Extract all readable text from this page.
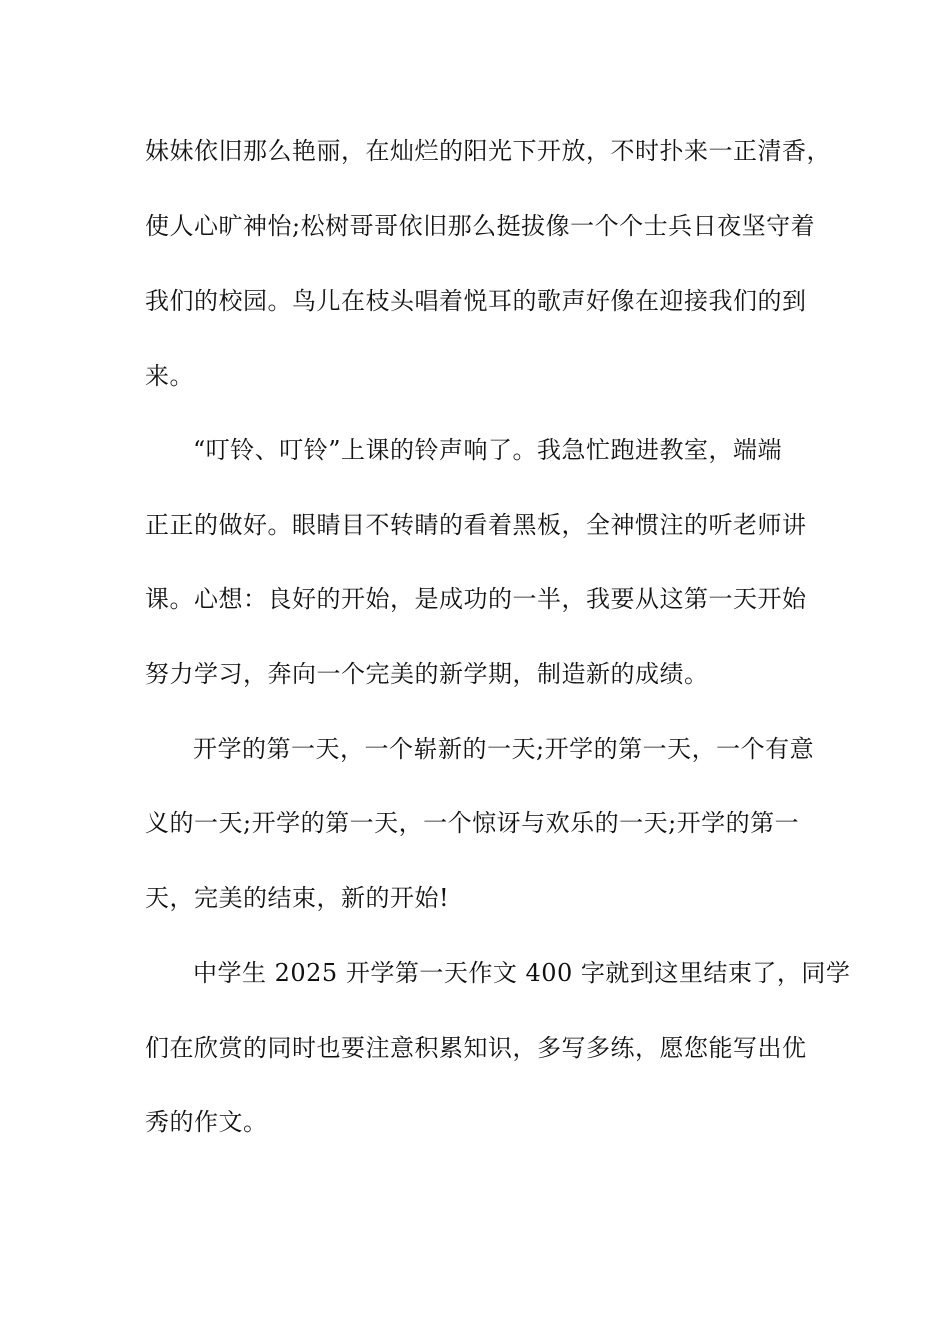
妹妹依旧那么艳丽，在灿烂的阳光下开放，不时扑来一正清香，

使人心旷神怡;松树哥哥依旧那么挺拔像一个个士兵日夜坚守着

我们的校园。鸟儿在枝头唱着悦耳的歌声好像在迎接我们的到

来。

“叮铃、叮铃”上课的铃声响了。我急忙跑进教室，端端

正正的做好。眼睛目不转睛的看着黑板，全神惯注的听老师讲

课。心想：良好的开始，是成功的一半，我要从这第一天开始

努力学习，奔向一个完美的新学期，制造新的成绩。

开学的第一天，一个崭新的一天;开学的第一天，一个有意

义的一天;开学的第一天，一个惊讶与欢乐的一天;开学的第一

天，完美的结束，新的开始!

中学生 2025 开学第一天作文 400 字就到这里结束了，同学

们在欣赏的同时也要注意积累知识，多写多练，愿您能写出优

秀的作文。
